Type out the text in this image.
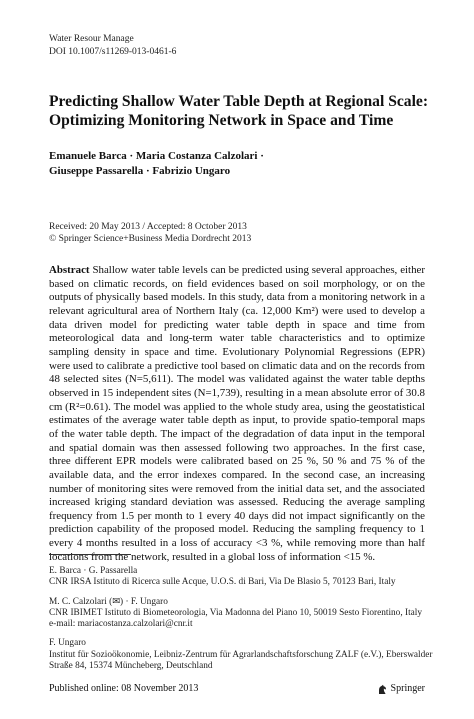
Water Resour Manage
DOI 10.1007/s11269-013-0461-6
Predicting Shallow Water Table Depth at Regional Scale:
Optimizing Monitoring Network in Space and Time
Emanuele Barca · Maria Costanza Calzolari ·
Giuseppe Passarella · Fabrizio Ungaro
Received: 20 May 2013 / Accepted: 8 October 2013
© Springer Science+Business Media Dordrecht 2013
Abstract Shallow water table levels can be predicted using several approaches, either based on climatic records, on field evidences based on soil morphology, or on the outputs of physically based models. In this study, data from a monitoring network in a relevant agricultural area of Northern Italy (ca. 12,000 Km²) were used to develop a data driven model for predicting water table depth in space and time from meteorological data and long-term water table characteristics and to optimize sampling density in space and time. Evolutionary Polynomial Regressions (EPR) were used to calibrate a predictive tool based on climatic data and on the records from 48 selected sites (N=5,611). The model was validated against the water table depths observed in 15 independent sites (N=1,739), resulting in a mean absolute error of 30.8 cm (R²=0.61). The model was applied to the whole study area, using the geostatistical estimates of the average water table depth as input, to provide spatio-temporal maps of the water table depth. The impact of the degradation of data input in the temporal and spatial domain was then assessed following two approaches. In the first case, three different EPR models were calibrated based on 25 %, 50 % and 75 % of the available data, and the error indexes compared. In the second case, an increasing number of monitoring sites were removed from the initial data set, and the associated increased kriging standard deviation was assessed. Reducing the average sampling frequency from 1.5 per month to 1 every 40 days did not impact significantly on the prediction capability of the proposed model. Reducing the sampling frequency to 1 every 4 months resulted in a loss of accuracy <3 %, while removing more than half locations from the network, resulted in a global loss of information <15 %.
E. Barca · G. Passarella
CNR IRSA Istituto di Ricerca sulle Acque, U.O.S. di Bari, Via De Blasio 5, 70123 Bari, Italy
M. C. Calzolari (✉) · F. Ungaro
CNR IBIMET Istituto di Biometeorologia, Via Madonna del Piano 10, 50019 Sesto Fiorentino, Italy
e-mail: mariacostanza.calzolari@cnr.it
F. Ungaro
Institut für Sozioökonomie, Leibniz-Zentrum für Agrarlandschaftsforschung ZALF (e.V.), Eberswalder
Straße 84, 15374 Müncheberg, Deutschland
Published online: 08 November 2013	Springer
